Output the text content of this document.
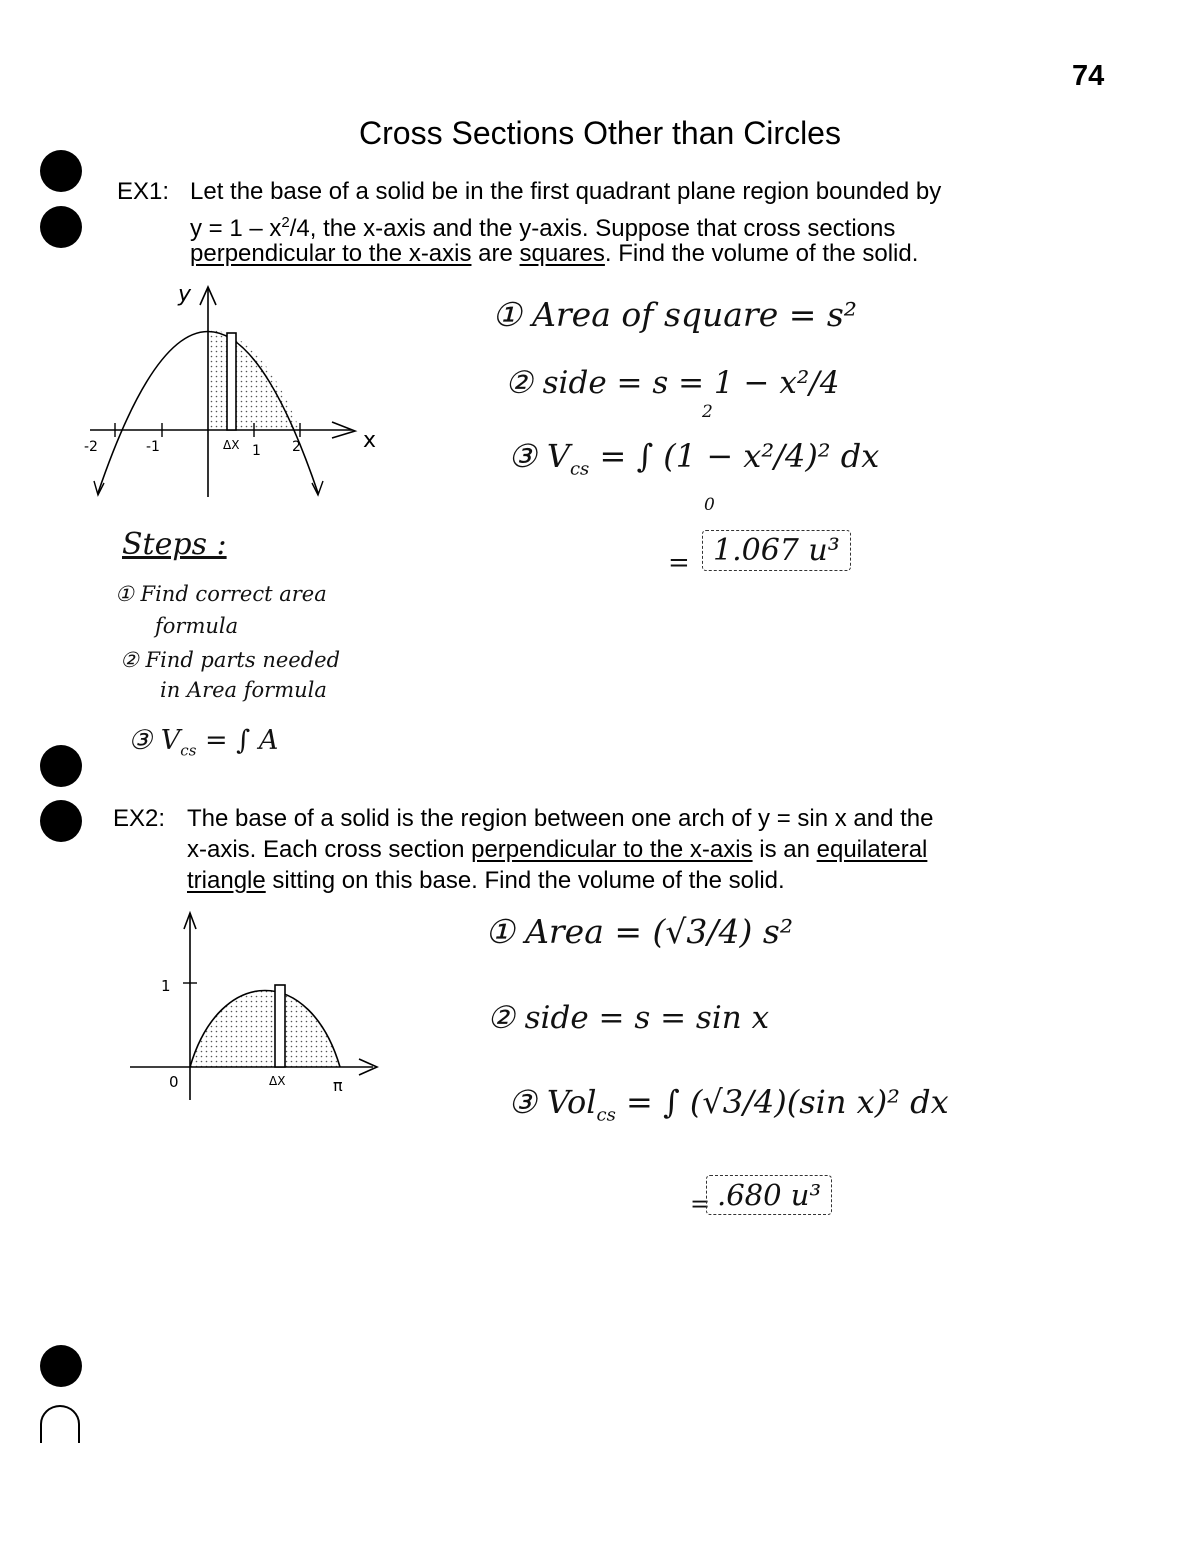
74
Cross Sections Other than Circles
EX1: Let the base of a solid be in the first quadrant plane region bounded by
$y = 1 - x^2/4$, the x-axis and the y-axis. Suppose that cross sections
perpendicular to the x-axis are squares. Find the volume of the solid.
y
x
-2	-1	1 2
ΔX
Steps :
① Find correct area
formula
② Find parts needed
in Area formula
③ $V_{cs}$ = ∫ A
① Area of square = s²
② side = s = 1 − x²/4
2
③ $V_{cs}$ = ∫ (1 − x²/4)² dx
0
= 1.067 u³
EX2: The base of a solid is the region between one arch of y = sin x and the
x-axis. Each cross section perpendicular to the x-axis is an equilateral
triangle sitting on this base. Find the volume of the solid.
1
0	ΔX	π
① Area = (√3/4) s²
② side = s = sin x
③ Vol$_{cs}$ = ∫ (√3/4)(sin x)² dx
= .680 u³
